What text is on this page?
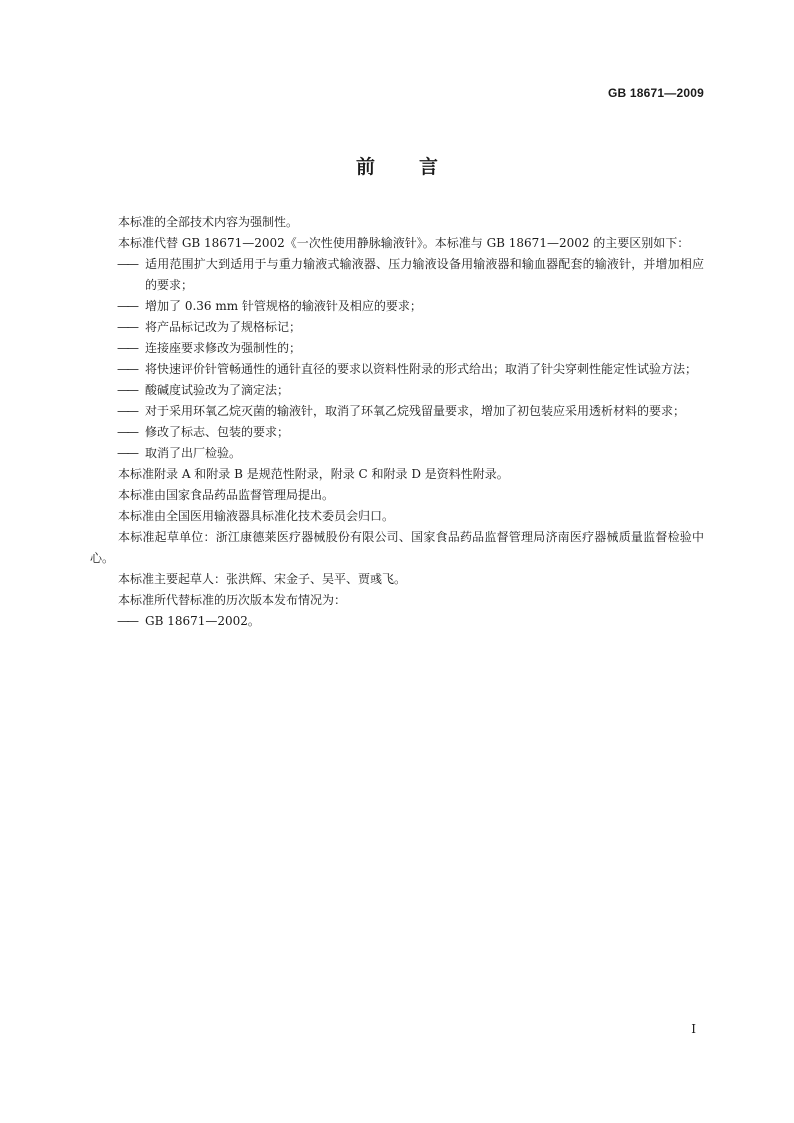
GB 18671—2009
前 言

本标准的全部技术内容为强制性。

本标准代替 GB 18671—2002《一次性使用静脉输液针》。本标准与 GB 18671—2002 的主要区别如下：

—— 适用范围扩大到适用于与重力输液式输液器、压力输液设备用输液器和输血器配套的输液针，并增加相应的要求；

—— 增加了 0.36 mm 针管规格的输液针及相应的要求；

—— 将产品标记改为了规格标记；

—— 连接座要求修改为强制性的；

—— 将快速评价针管畅通性的通针直径的要求以资料性附录的形式给出；取消了针尖穿刺性能定性试验方法；

—— 酸碱度试验改为了滴定法；

—— 对于采用环氧乙烷灭菌的输液针，取消了环氧乙烷残留量要求，增加了初包装应采用透析材料的要求；

—— 修改了标志、包装的要求；

—— 取消了出厂检验。

本标准附录 A 和附录 B 是规范性附录，附录 C 和附录 D 是资料性附录。

本标准由国家食品药品监督管理局提出。

本标准由全国医用输液器具标准化技术委员会归口。

本标准起草单位：浙江康德莱医疗器械股份有限公司、国家食品药品监督管理局济南医疗器械质量监督检验中心。

本标准主要起草人：张洪辉、宋金子、吴平、贾彧飞。

本标准所代替标准的历次版本发布情况为：

—— GB 18671—2002。

I
